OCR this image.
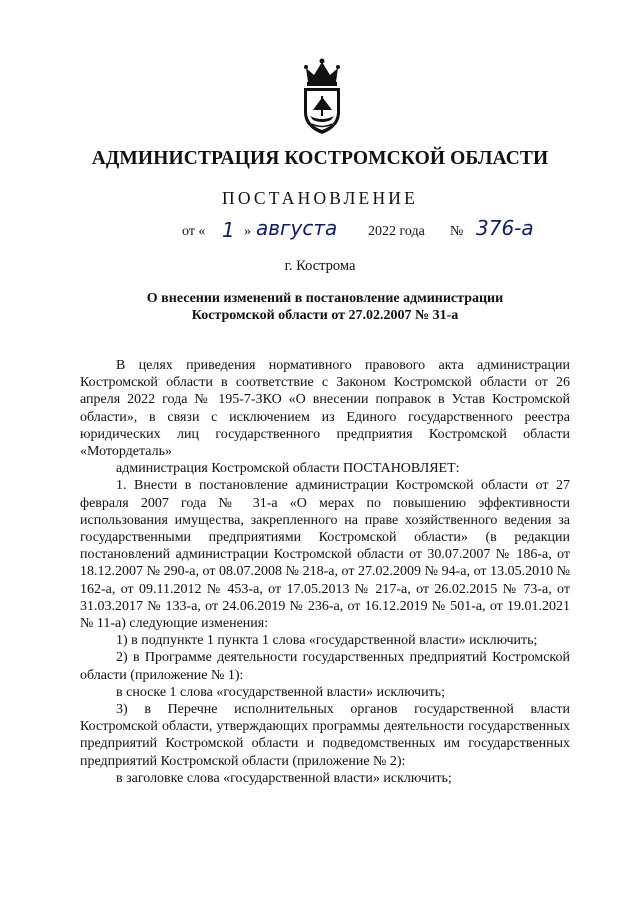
АДМИНИСТРАЦИЯ КОСТРОМСКОЙ ОБЛАСТИ
ПОСТАНОВЛЕНИЕ
от « 1 » августа 2022 года № 376-а
г. Кострома
О внесении изменений в постановление администрации
Костромской области от 27.02.2007 № 31-а

В целях приведения нормативного правового акта администрации Костромской области в соответствие с Законом Костромской области от 26 апреля 2022 года № 195-7-ЗКО «О внесении поправок в Устав Костромской области», в связи с исключением из Единого государственного реестра юридических лиц государственного предприятия Костромской области «Мотордеталь»

администрация Костромской области ПОСТАНОВЛЯЕТ:

1. Внести в постановление администрации Костромской области от 27 февраля 2007 года № 31-а «О мерах по повышению эффективности использования имущества, закрепленного на праве хозяйственного ведения за государственными предприятиями Костромской области» (в редакции постановлений администрации Костромской области от 30.07.2007 № 186-а, от 18.12.2007 № 290-а, от 08.07.2008 № 218-а, от 27.02.2009 № 94-а, от 13.05.2010 № 162-а, от 09.11.2012 № 453-а, от 17.05.2013 № 217-а, от 26.02.2015 № 73-а, от 31.03.2017 № 133-а, от 24.06.2019 № 236-а, от 16.12.2019 № 501-а, от 19.01.2021 № 11-а) следующие изменения:

1) в подпункте 1 пункта 1 слова «государственной власти» исключить;

2) в Программе деятельности государственных предприятий Костромской области (приложение № 1):

в сноске 1 слова «государственной власти» исключить;

3) в Перечне исполнительных органов государственной власти Костромской области, утверждающих программы деятельности государственных предприятий Костромской области и подведомственных им государственных предприятий Костромской области (приложение № 2):

в заголовке слова «государственной власти» исключить;
